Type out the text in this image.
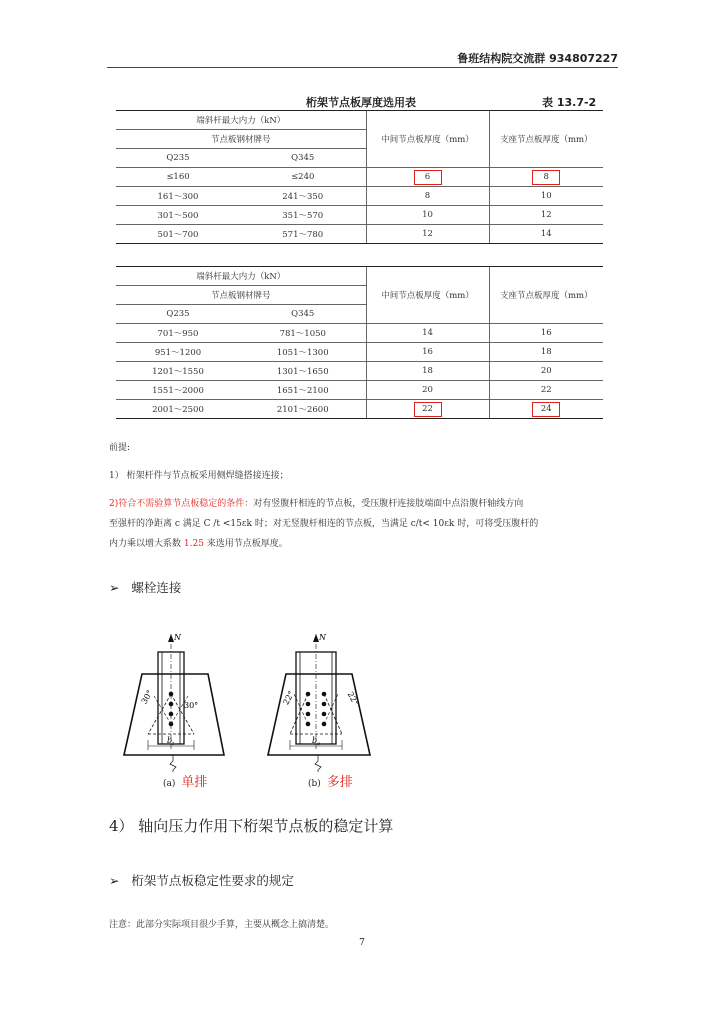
鲁班结构院交流群 934807227
桁架节点板厚度选用表	表 13.7-2
端斜杆最大内力（kN）		中间节点板厚度（mm）	支座节点板厚度（mm）
节点板钢材牌号			
Q235	Q345		
≤160	≤240	6	8
161～300	241～350	8	10
301～500	351～570	10	12
501～700	571～780	12	14
端斜杆最大内力（kN）		中间节点板厚度（mm）	支座节点板厚度（mm）
节点板钢材牌号			
Q235	Q345		
701～950	781～1050	14	16
951～1200	1051～1300	16	18
1201～1550	1301～1650	18	20
1551～2000	1651～2100	20	22
2001～2500	2101～2600	22	24
前提:
1） 桁架杆件与节点板采用侧焊缝搭接连接；
2)符合不需验算节点板稳定的条件：对有竖腹杆相连的节点板，受压腹杆连接肢端面中点沿腹杆轴线方向
至强杆的净距离 c 满足 C /t <15εk 时；对无竖腹杆相连的节点板，当满足 c/t< 10εk 时，可将受压腹杆的
内力乘以增大系数 1.25 来选用节点板厚度。
➢ 螺栓连接
N
30°
30°
$b_t$
N
22°	22°
$b_e$
(a) 单排	(b) 多排
4） 轴向压力作用下桁架节点板的稳定计算
➢ 桁架节点板稳定性要求的规定
注意：此部分实际项目很少手算，主要从概念上搞清楚。
7
